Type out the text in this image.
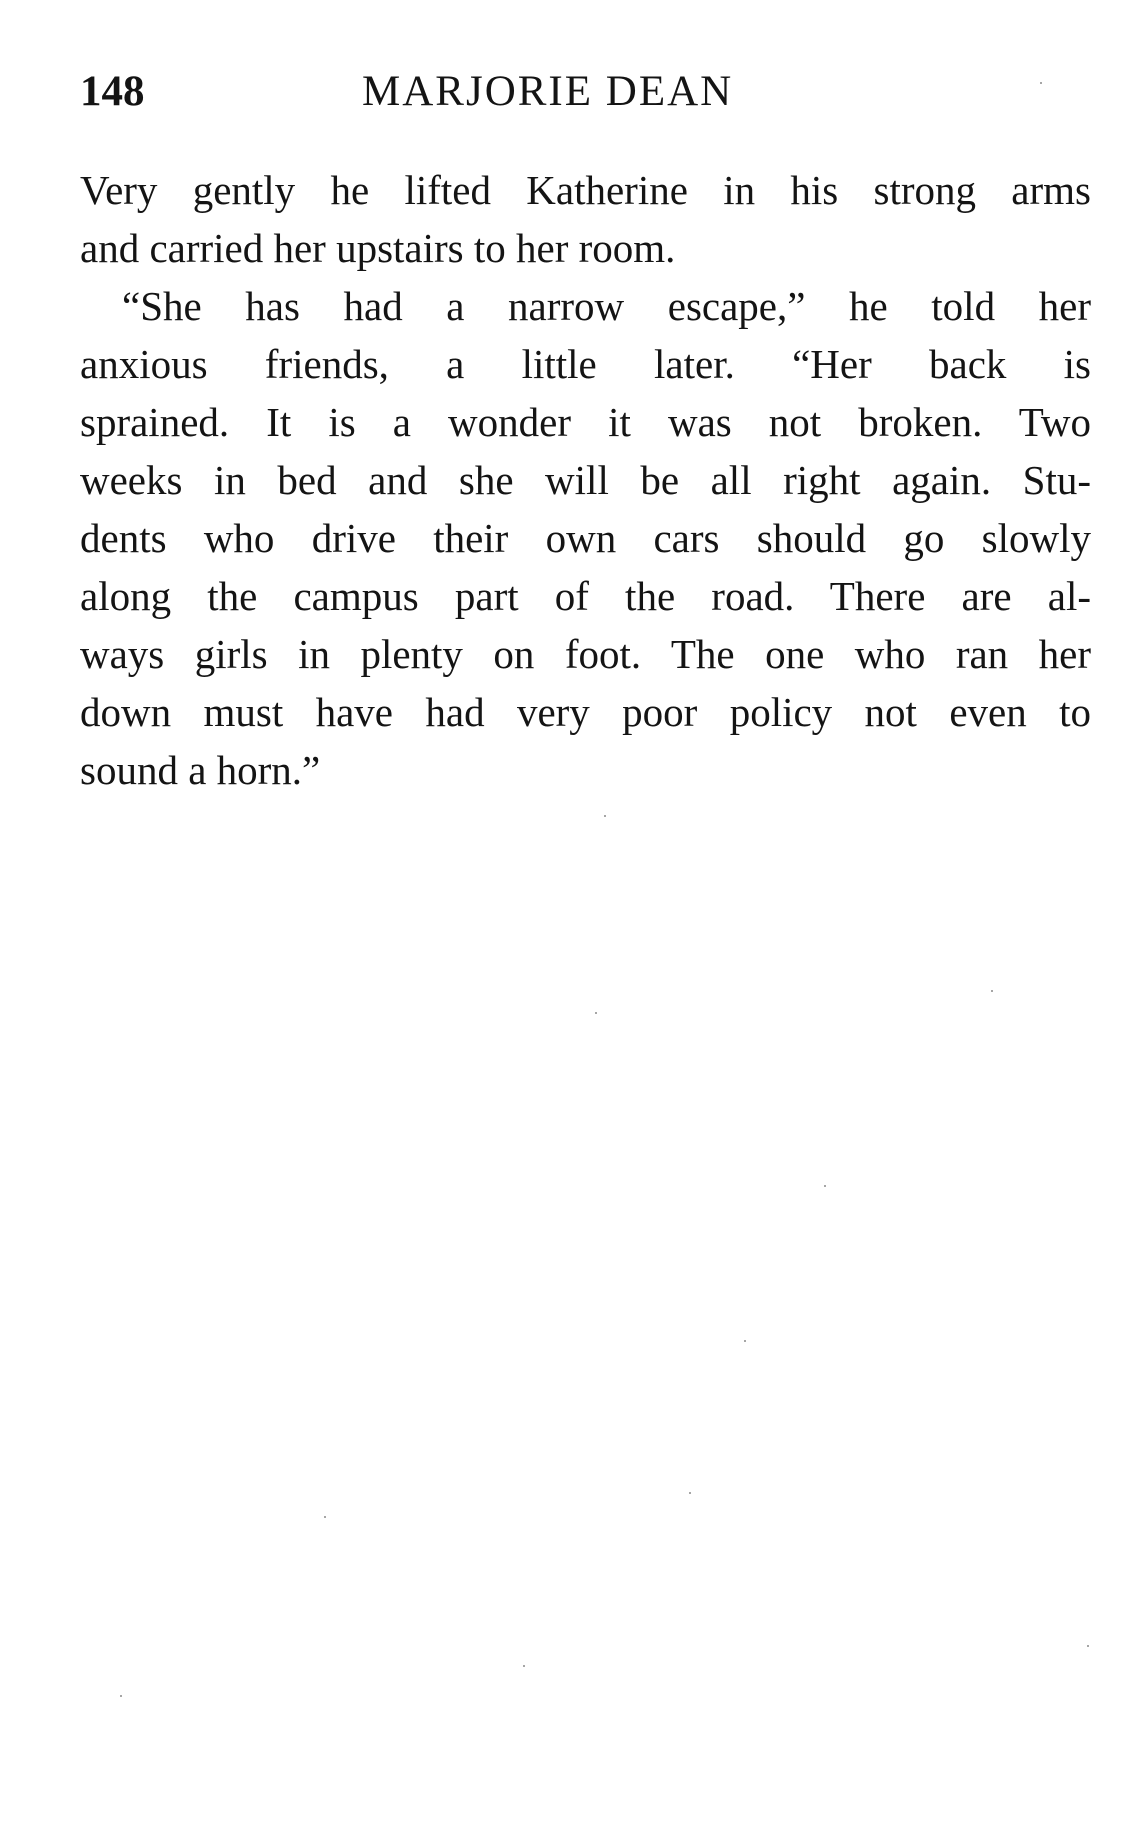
148	MARJORIE DEAN
Very gently he lifted Katherine in his strong arms
and carried her upstairs to her room.
“She has had a narrow escape,” he told her
anxious friends, a little later. “Her back is
sprained. It is a wonder it was not broken. Two
weeks in bed and she will be all right again. Stu-
dents who drive their own cars should go slowly
along the campus part of the road. There are al-
ways girls in plenty on foot. The one who ran her
down must have had very poor policy not even to
sound a horn.”
